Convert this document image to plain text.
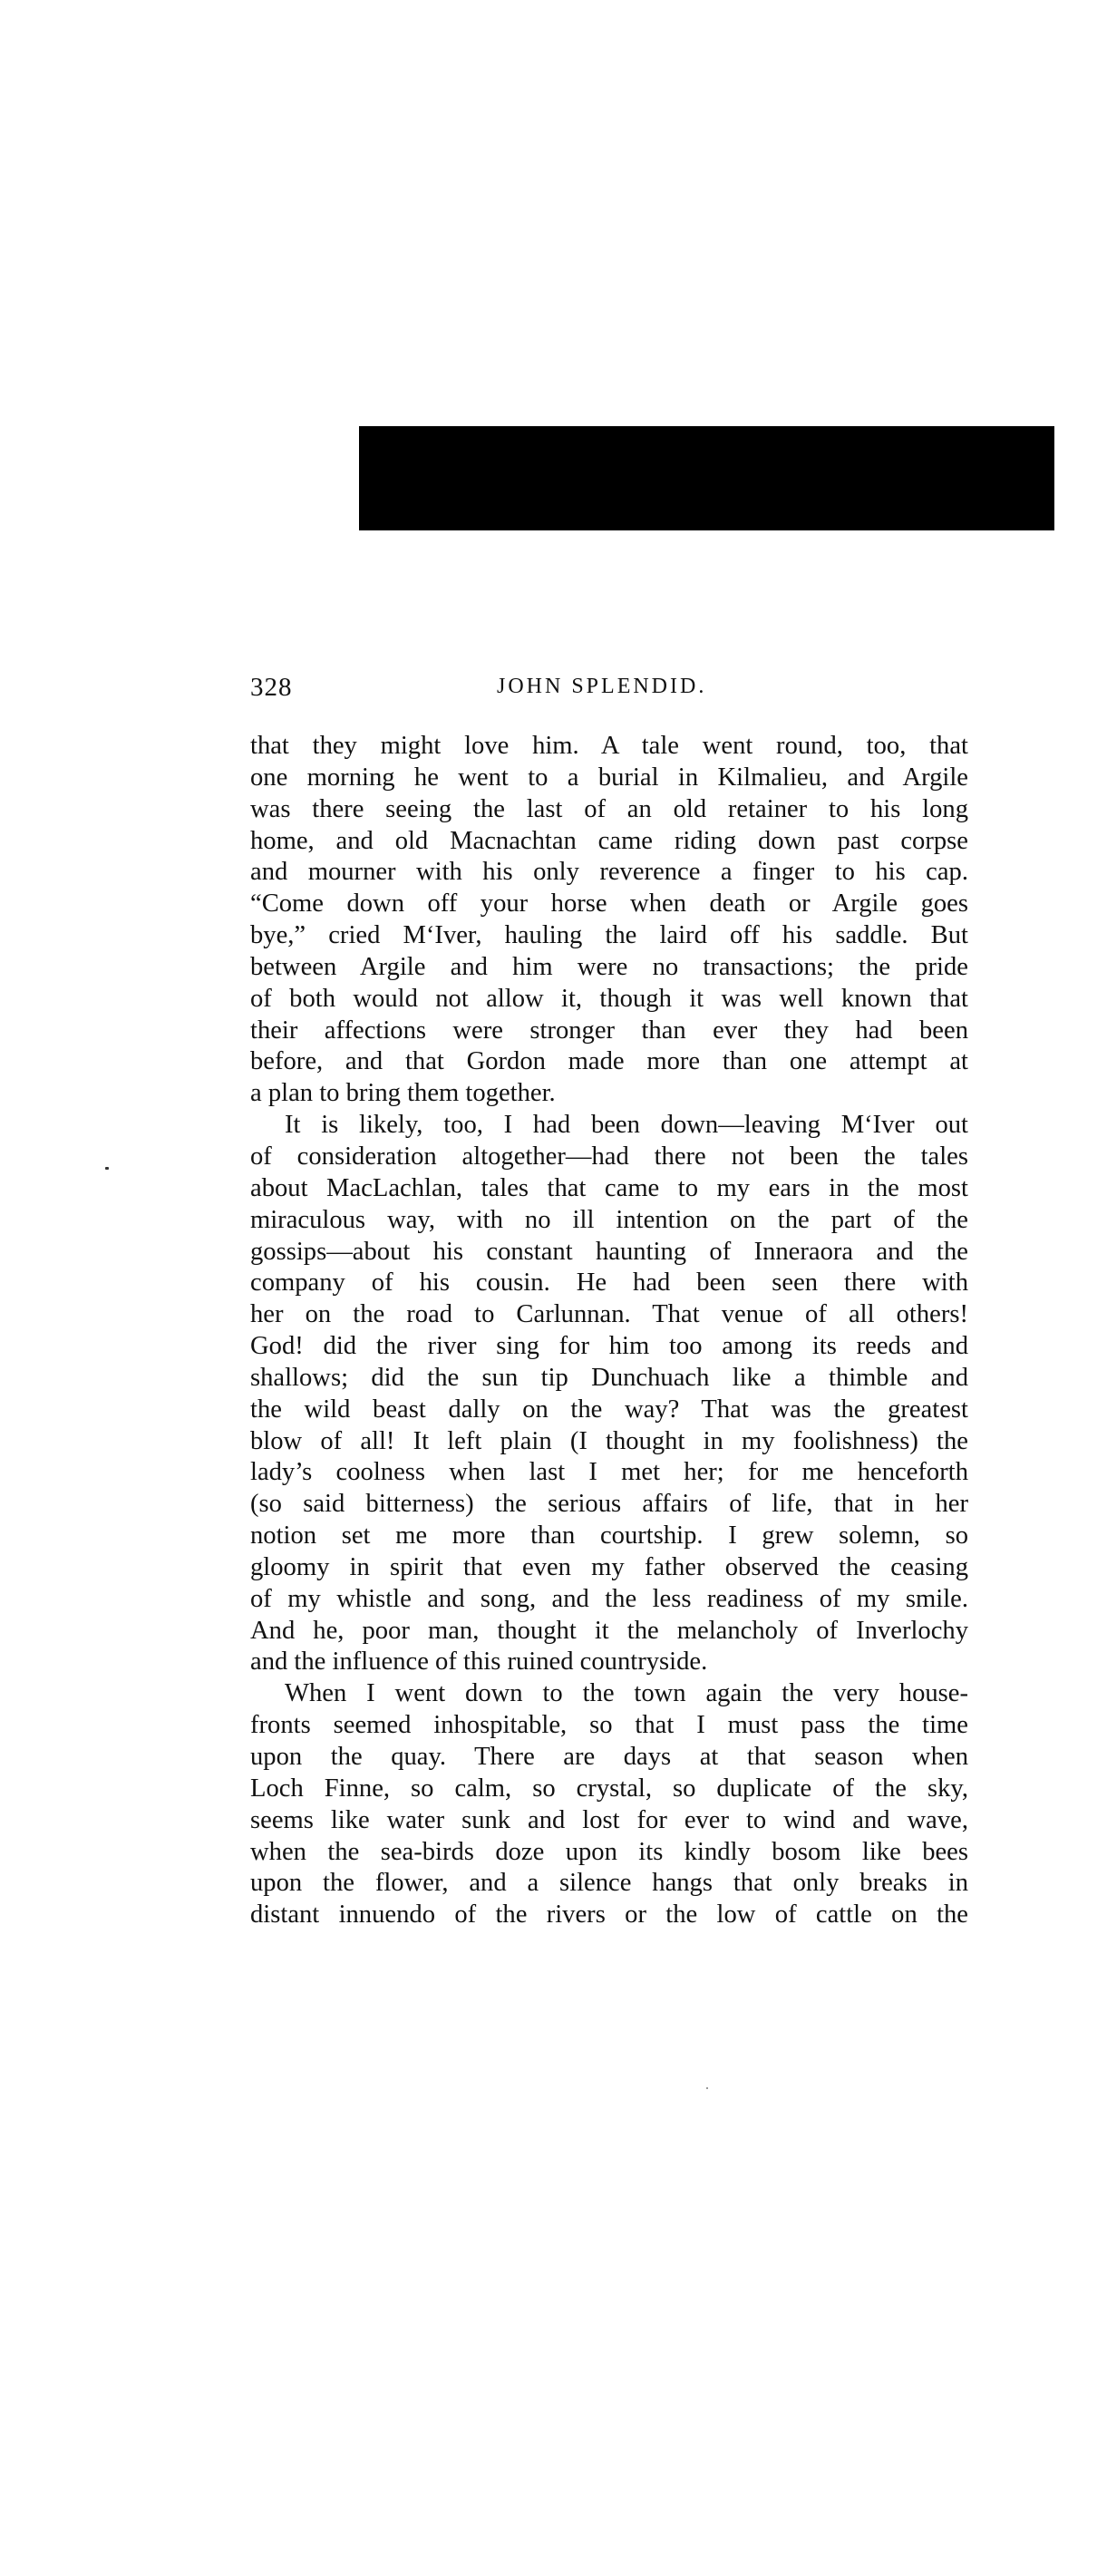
328	JOHN SPLENDID.
that they might love him. A tale went round, too, that
one morning he went to a burial in Kilmalieu, and Argile
was there seeing the last of an old retainer to his long
home, and old Macnachtan came riding down past corpse
and mourner with his only reverence a finger to his cap.
“Come down off your horse when death or Argile goes
bye,” cried M‘Iver, hauling the laird off his saddle. But
between Argile and him were no transactions; the pride
of both would not allow it, though it was well known that
their affections were stronger than ever they had been
before, and that Gordon made more than one attempt at
a plan to bring them together.
It is likely, too, I had been down—leaving M‘Iver out
of consideration altogether—had there not been the tales
about MacLachlan, tales that came to my ears in the most
miraculous way, with no ill intention on the part of the
gossips—about his constant haunting of Inneraora and the
company of his cousin. He had been seen there with
her on the road to Carlunnan. That venue of all others!
God! did the river sing for him too among its reeds and
shallows; did the sun tip Dunchuach like a thimble and
the wild beast dally on the way? That was the greatest
blow of all! It left plain (I thought in my foolishness) the
lady’s coolness when last I met her; for me henceforth
(so said bitterness) the serious affairs of life, that in her
notion set me more than courtship. I grew solemn, so
gloomy in spirit that even my father observed the ceasing
of my whistle and song, and the less readiness of my smile.
And he, poor man, thought it the melancholy of Inverlochy
and the influence of this ruined countryside.
When I went down to the town again the very house-
fronts seemed inhospitable, so that I must pass the time
upon the quay. There are days at that season when
Loch Finne, so calm, so crystal, so duplicate of the sky,
seems like water sunk and lost for ever to wind and wave,
when the sea-birds doze upon its kindly bosom like bees
upon the flower, and a silence hangs that only breaks in
distant innuendo of the rivers or the low of cattle on the
